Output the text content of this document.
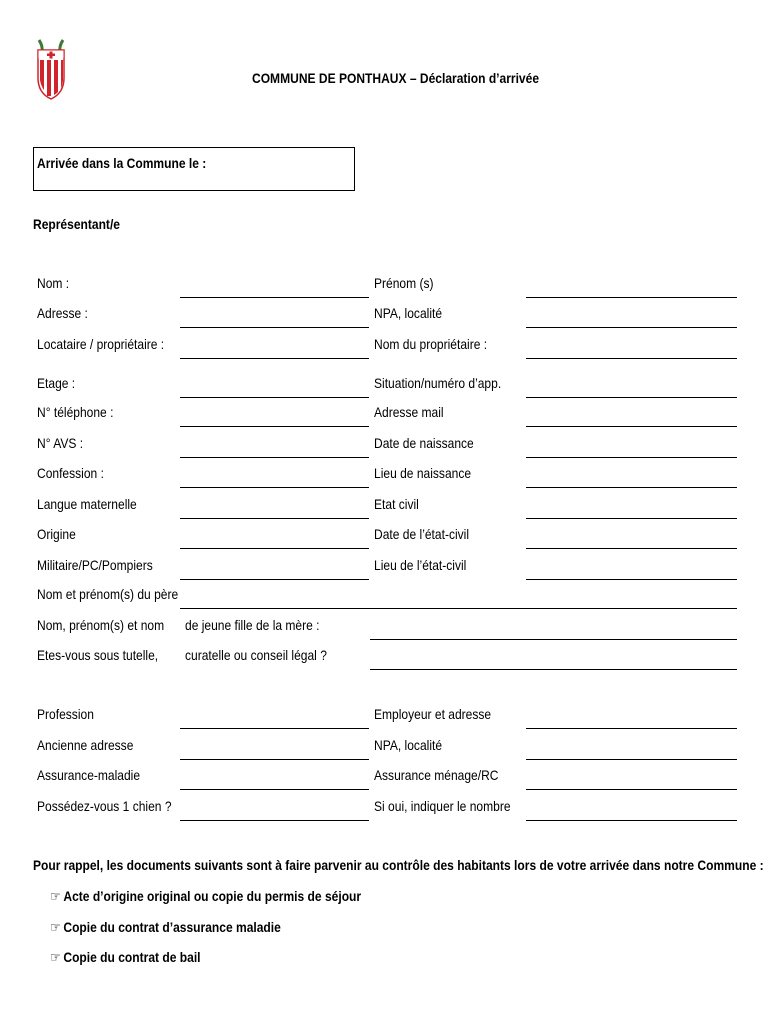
COMMUNE DE PONTHAUX – Déclaration d’arrivée
Arrivée dans la Commune le :
Représentant/e
Nom :	Prénom (s)
Adresse :	NPA, localité
Locataire / propriétaire :	Nom du propriétaire :
Etage :	Situation/numéro d’app.
N° téléphone :	Adresse mail
N° AVS :	Date de naissance
Confession :	Lieu de naissance
Langue maternelle	Etat civil
Origine	Date de l’état-civil
Militaire/PC/Pompiers	Lieu de l’état-civil
Nom et prénom(s) du père
Nom, prénom(s) et nom de jeune fille de la mère :
Etes-vous sous tutelle, curatelle ou conseil légal ?
Profession	Employeur et adresse
Ancienne adresse	NPA, localité
Assurance-maladie	Assurance ménage/RC
Possédez-vous 1 chien ?	Si oui, indiquer le nombre
Pour rappel, les documents suivants sont à faire parvenir au contrôle des habitants lors de votre arrivée dans notre Commune :
☞ Acte d’origine original ou copie du permis de séjour
☞ Copie du contrat d’assurance maladie
☞ Copie du contrat de bail
